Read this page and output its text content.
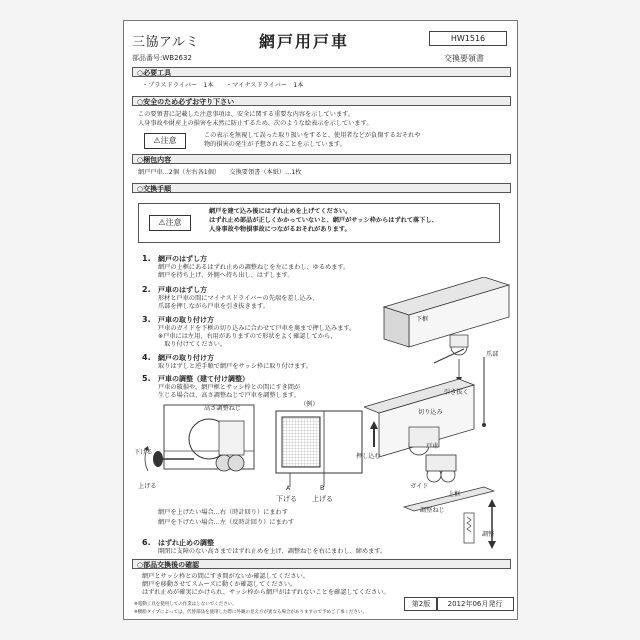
三協アルミ	網戸用戸車	HW1516
部品番号:WB2632	交換要領書
○必要工具
・プラスドライバー　1本　　・マイナスドライバー　1本
○安全のため必ずお守り下さい
この要領書に記載した注意事項は、安全に関する重要な内容を示しています。
人身事故や財産上の損害を未然に防止するため、次のような絵表示を示しています。
⚠注意
この表示を無視して誤った取り扱いをすると、使用者などが負傷するおそれや
物的損害の発生が予想されることを示しています。
○梱包内容
網戸戸車…2個（左右各1個）　　交換要領書（本紙）…1枚
○交換手順
⚠注意
網戸を建て込み後にはずれ止めを上げてください。
はずれ止め部品が正しくかかっていないと、網戸がサッシ枠からはずれて落下し、
人身事故や物損事故につながるおそれがあります。
1. 網戸のはずし方
網戸の上框にあるはずれ止めの調整ねじを左にまわし、ゆるめます。
網戸を持ち上げ、外側へ持ち出し、はずします。
2. 戸車のはずし方
形材と戸車の間にマイナスドライバーの先端を差し込み、
爪部を押しながら戸車を引き抜きます。
3. 戸車の取り付け方
戸車のガイドを下框の切り込みに合わせて戸車を奥まで押し込みます。
※戸車には左用、右用がありますので形状をよく確認してから、
　取り付けてください。
4. 網戸の取り付け方
取りはずしと逆手順で網戸をサッシ枠に取り付けます。
5. 戸車の調整（建て付け調整）
戸車の破損や、網戸框とサッシ枠との間にすき間が
生じる場合は、高さ調整ねじで戸車を調整します。
高さ調整ねじ
下げる
上げる
（例）
A	B
下げる 上げる
網戸を上げたい場合…右（時計回り）にまわす
網戸を下げたい場合…左（反時計回り）にまわす
下框
爪部
引き抜く
切り込み
押し込む
戸車
ガイド
上框
調整ねじ
調整
6. はずれ止めの調整
開閉に支障のない高さまではずれ止めを上げ、調整ねじを右にまわし、締めます。
○部品交換後の確認
網戸とサッシ枠との間にすき間がないか確認してください。
網戸を移動させてスムーズに動くか確認してください。
はずれ止めが確実にかけられ、サッシ枠から網戸がはずれないことを確認してください。
※電動工具を使用しての作業はしないでください。
※樹脂タイプによっては、代替部品を使用した際に外観の見え方が異なる場合がありますので予めご了承ください。
第2版	2012年06月発行
